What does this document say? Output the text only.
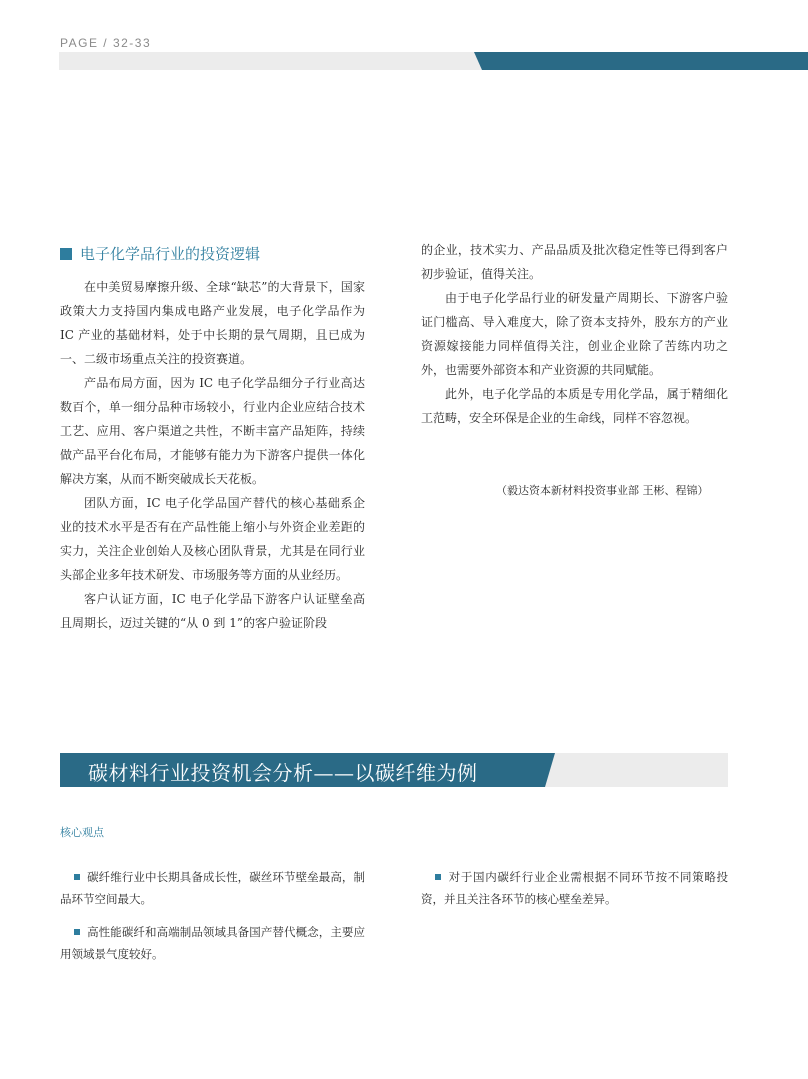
PAGE / 32-33
投资视野 2022 年第 2 期（总第 2 期）
电子化学品行业的投资逻辑

在中美贸易摩擦升级、全球“缺芯”的大背景下，国家政策大力支持国内集成电路产业发展，电子化学品作为 IC 产业的基础材料，处于中长期的景气周期，且已成为一、二级市场重点关注的投资赛道。

产品布局方面，因为 IC 电子化学品细分子行业高达数百个，单一细分品种市场较小，行业内企业应结合技术工艺、应用、客户渠道之共性，不断丰富产品矩阵，持续做产品平台化布局，才能够有能力为下游客户提供一体化解决方案，从而不断突破成长天花板。

团队方面，IC 电子化学品国产替代的核心基础系企业的技术水平是否有在产品性能上缩小与外资企业差距的实力，关注企业创始人及核心团队背景，尤其是在同行业头部企业多年技术研发、市场服务等方面的从业经历。

客户认证方面，IC 电子化学品下游客户认证壁垒高且周期长，迈过关键的“从 0 到 1”的客户验证阶段

的企业，技术实力、产品品质及批次稳定性等已得到客户初步验证，值得关注。

由于电子化学品行业的研发量产周期长、下游客户验证门槛高、导入难度大，除了资本支持外，股东方的产业资源嫁接能力同样值得关注，创业企业除了苦练内功之外，也需要外部资本和产业资源的共同赋能。

此外，电子化学品的本质是专用化学品，属于精细化工范畴，安全环保是企业的生命线，同样不容忽视。

（毅达资本新材料投资事业部 王彬、程锦）
碳材料行业投资机会分析——以碳纤维为例
核心观点
碳纤维行业中长期具备成长性，碳丝环节壁垒最高，制品环节空间最大。
高性能碳纤和高端制品领域具备国产替代概念，主要应用领域景气度较好。
对于国内碳纤行业企业需根据不同环节按不同策略投资，并且关注各环节的核心壁垒差异。
